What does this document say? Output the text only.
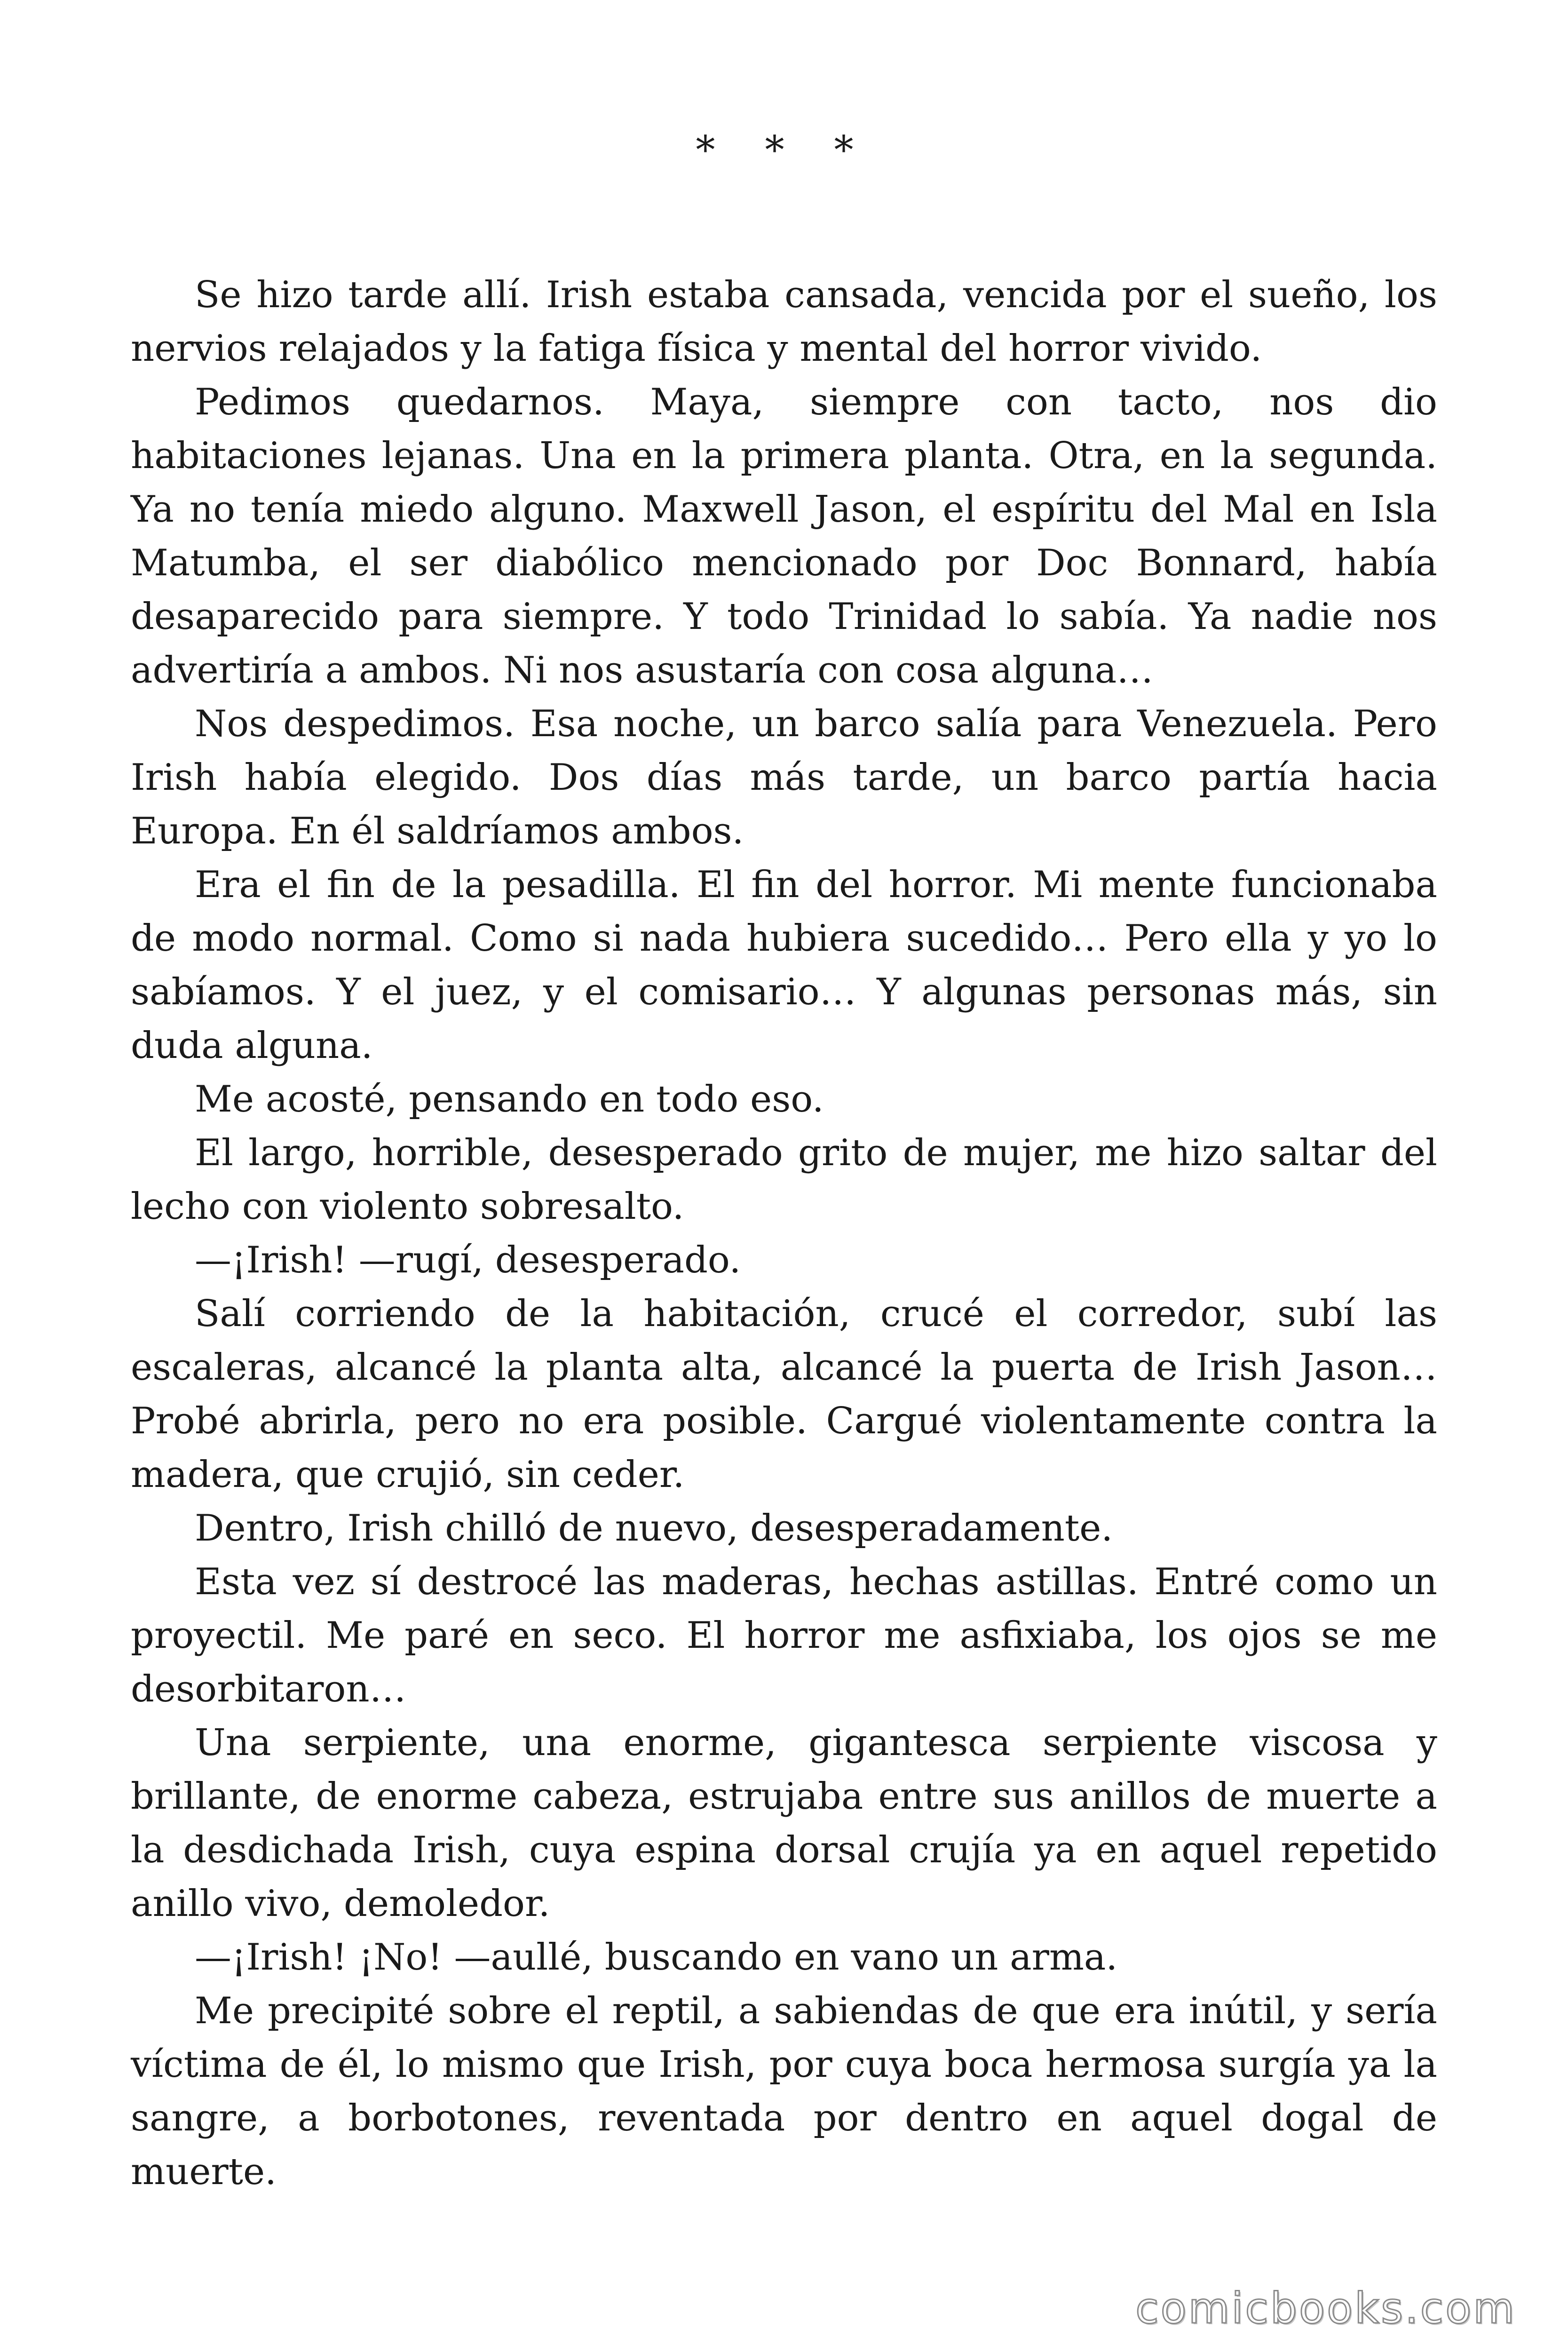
* * *

Se hizo tarde allí. Irish estaba cansada, vencida por el sueño, los nervios relajados y la fatiga física y mental del horror vivido.

Pedimos quedarnos. Maya, siempre con tacto, nos dio habitaciones lejanas. Una en la primera planta. Otra, en la segunda. Ya no tenía miedo alguno. Maxwell Jason, el espíritu del Mal en Isla Matumba, el ser diabólico mencionado por Doc Bonnard, había desaparecido para siempre. Y todo Trinidad lo sabía. Ya nadie nos advertiría a ambos. Ni nos asustaría con cosa alguna…

Nos despedimos. Esa noche, un barco salía para Venezuela. Pero Irish había elegido. Dos días más tarde, un barco partía hacia Europa. En él saldríamos ambos.

Era el fin de la pesadilla. El fin del horror. Mi mente funcionaba de modo normal. Como si nada hubiera sucedido… Pero ella y yo lo sabíamos. Y el juez, y el comisario… Y algunas personas más, sin duda alguna.

Me acosté, pensando en todo eso.

El largo, horrible, desesperado grito de mujer, me hizo saltar del lecho con violento sobresalto.

—¡Irish! —rugí, desesperado.

Salí corriendo de la habitación, crucé el corredor, subí las escaleras, alcancé la planta alta, alcancé la puerta de Irish Jason… Probé abrirla, pero no era posible. Cargué violentamente contra la madera, que crujió, sin ceder.

Dentro, Irish chilló de nuevo, desesperadamente.

Esta vez sí destrocé las maderas, hechas astillas. Entré como un proyectil. Me paré en seco. El horror me asfixiaba, los ojos se me desorbitaron…

Una serpiente, una enorme, gigantesca serpiente viscosa y brillante, de enorme cabeza, estrujaba entre sus anillos de muerte a la desdichada Irish, cuya espina dorsal crujía ya en aquel repetido anillo vivo, demoledor.

—¡Irish! ¡No! —aullé, buscando en vano un arma.

Me precipité sobre el reptil, a sabiendas de que era inútil, y sería víctima de él, lo mismo que Irish, por cuya boca hermosa surgía ya la sangre, a borbotones, reventada por dentro en aquel dogal de muerte.

comicbooks.com
